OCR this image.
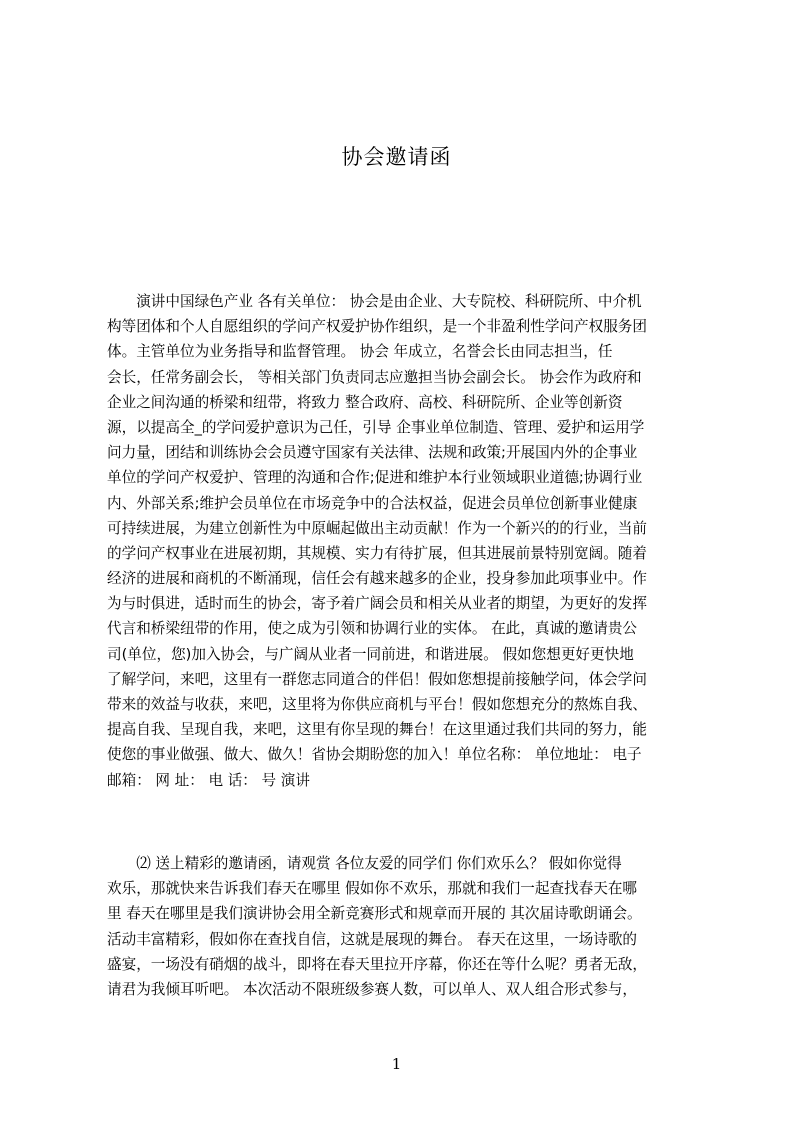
协会邀请函
　　演讲中国绿色产业 各有关单位： 协会是由企业、大专院校、科研院所、中介机
构等团体和个人自愿组织的学问产权爱护协作组织，是一个非盈利性学问产权服务团
体。主管单位为业务指导和监督管理。 协会 年成立，名誉会长由同志担当，任
会长，任常务副会长， 等相关部门负责同志应邀担当协会副会长。 协会作为政府和
企业之间沟通的桥梁和纽带，将致力 整合政府、高校、科研院所、企业等创新资
源，以提高全_的学问爱护意识为己任，引导 企事业单位制造、管理、爱护和运用学
问力量，团结和训练协会会员遵守国家有关法律、法规和政策;开展国内外的企事业
单位的学问产权爱护、管理的沟通和合作;促进和维护本行业领域职业道德;协调行业
内、外部关系;维护会员单位在市场竞争中的合法权益，促进会员单位创新事业健康
可持续进展，为建立创新性为中原崛起做出主动贡献！作为一个新兴的的行业，当前
的学问产权事业在进展初期，其规模、实力有待扩展，但其进展前景特别宽阔。随着
经济的进展和商机的不断涌现，信任会有越来越多的企业，投身参加此项事业中。作
为与时俱进，适时而生的协会，寄予着广阔会员和相关从业者的期望，为更好的发挥
代言和桥梁纽带的作用，使之成为引领和协调行业的实体。 在此，真诚的邀请贵公
司(单位，您)加入协会，与广阔从业者一同前进，和谐进展。 假如您想更好更快地
了解学问，来吧，这里有一群您志同道合的伴侣！假如您想提前接触学问，体会学问
带来的效益与收获，来吧，这里将为你供应商机与平台！假如您想充分的熬炼自我、
提高自我、呈现自我，来吧，这里有你呈现的舞台！在这里通过我们共同的努力，能
使您的事业做强、做大、做久！省协会期盼您的加入！单位名称： 单位地址： 电子
邮箱： 网 址： 电 话： 号 演讲
　　⑵ 送上精彩的邀请函，请观赏 各位友爱的同学们 你们欢乐么？ 假如你觉得
欢乐，那就快来告诉我们春天在哪里 假如你不欢乐，那就和我们一起查找春天在哪
里 春天在哪里是我们演讲协会用全新竞赛形式和规章而开展的 其次届诗歌朗诵会。
活动丰富精彩，假如你在查找自信，这就是展现的舞台。 春天在这里，一场诗歌的
盛宴，一场没有硝烟的战斗，即将在春天里拉开序幕，你还在等什么呢？勇者无敌，
请君为我倾耳听吧。 本次活动不限班级参赛人数，可以单人、双人组合形式参与，
1
